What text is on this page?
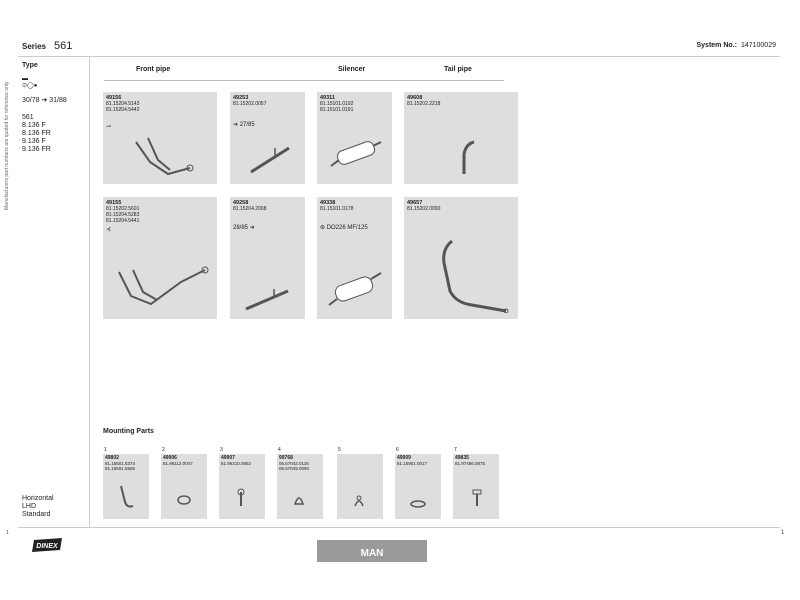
Series 561	System No.: 147100029
Manufacturers part numbers are quoted for reference only
Type
▬
⊙◯●
30/78 ➔ 31/88
561
8.136 F
8.136 FR
9.136 F
9.136 FR
Horizontal
LHD
Standard
Front pipe	Silencer	Tail pipe
49156
81.15204.5143
81.15204.5442
⊸
49253
81.15202.0057
➔ 27/85
49311
81.15101.0192
81.15101.0191
49608
81.15202.2218
49155
81.15202.5601
81.15204.5283
81.15204.5441
⊰
49258
81.15204.2008
28/85 ➔
49338
81.15101.0178
⊛ DO226 MF/125
49657
81.15202.0090
Mounting Parts
1
49802
81.15501.5374
81.15501.5566
2
49906
81.98112.0047
3
49907
81.96210.0852
4
99768
06.67042.0116
06.67049.0090
5	6
49909
81.15901.0017
7
49835
81.97486.0875
1	1
DINEX
MAN
